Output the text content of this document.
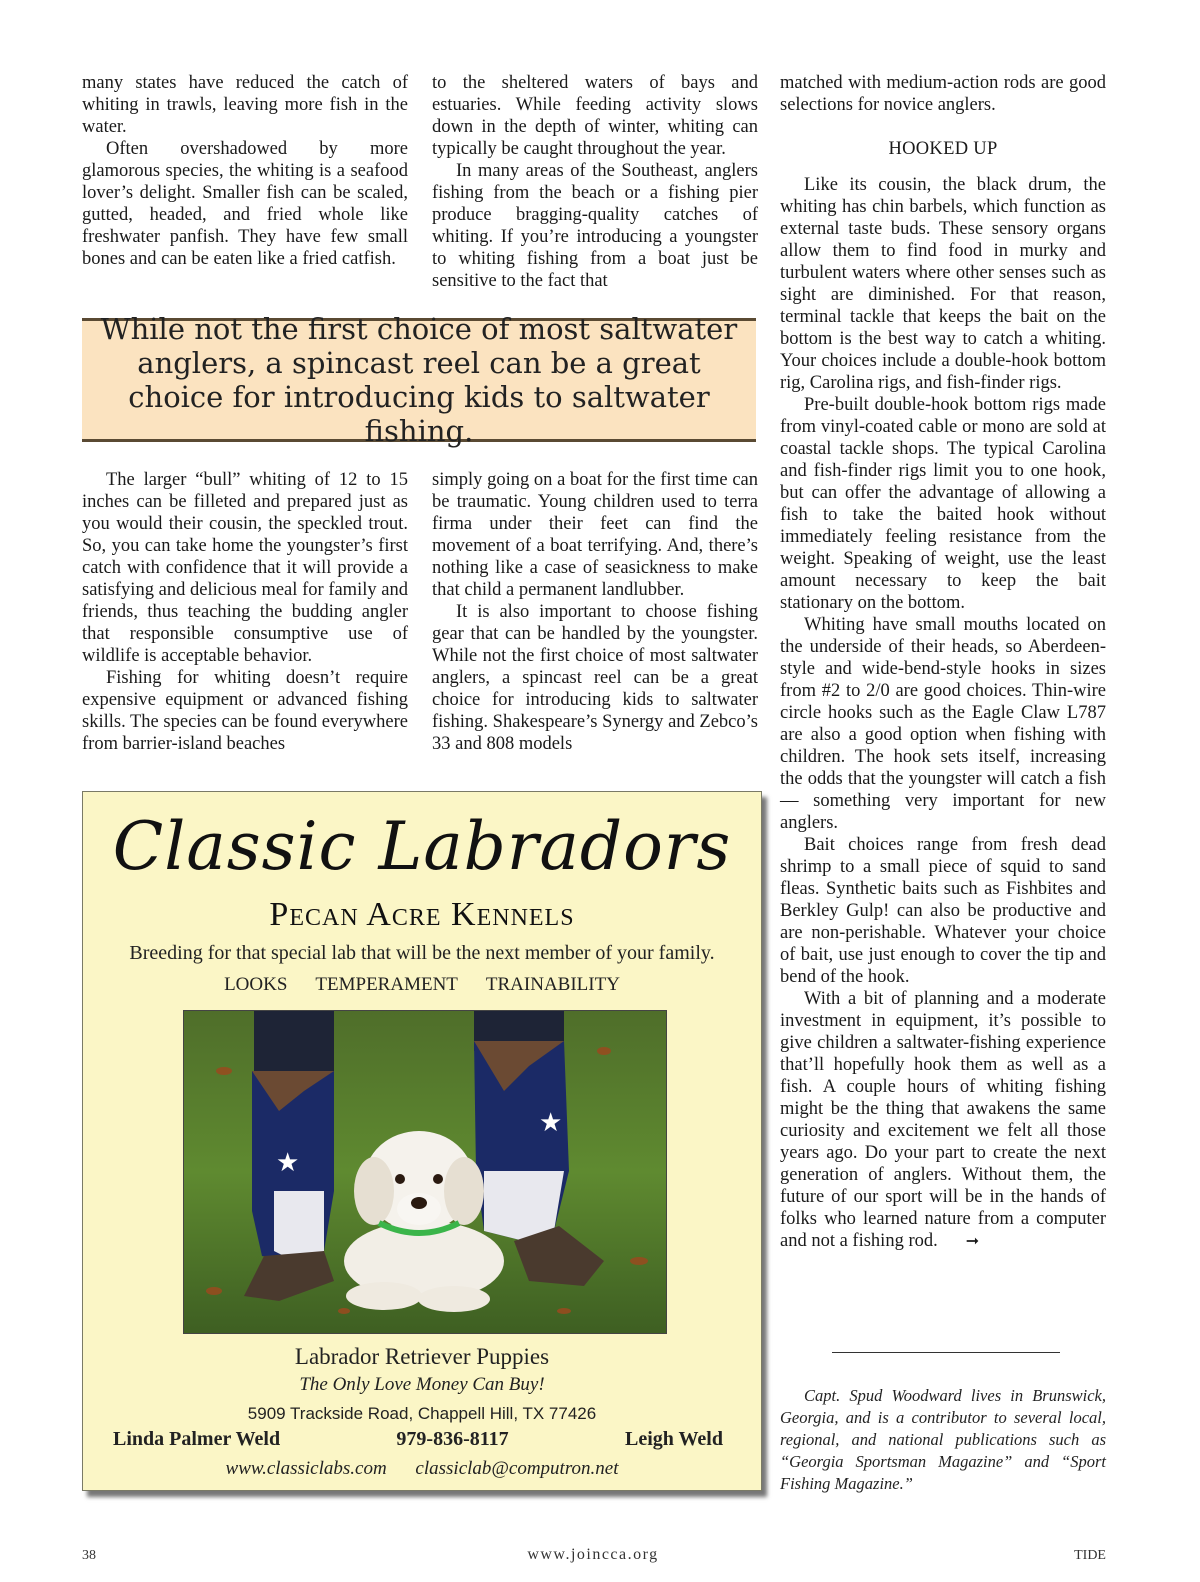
many states have reduced the catch of whiting in trawls, leaving more fish in the water.

Often overshadowed by more glamorous species, the whiting is a seafood lover’s delight. Smaller fish can be scaled, gutted, headed, and fried whole like freshwater panfish. They have few small bones and can be eaten like a fried catfish.

to the sheltered waters of bays and estuaries. While feeding activity slows down in the depth of winter, whiting can typically be caught throughout the year.

In many areas of the Southeast, anglers fishing from the beach or a fishing pier produce bragging-quality catches of whiting. If you’re introducing a youngster to whiting fishing from a boat just be sensitive to the fact that

While not the first choice of most saltwater anglers, a spincast reel can be a great choice for introducing kids to saltwater fishing.

The larger “bull” whiting of 12 to 15 inches can be filleted and prepared just as you would their cousin, the speckled trout. So, you can take home the youngster’s first catch with confidence that it will provide a satisfying and delicious meal for family and friends, thus teaching the budding angler that responsible consumptive use of wildlife is acceptable behavior.

Fishing for whiting doesn’t require expensive equipment or advanced fishing skills. The species can be found everywhere from barrier-island beaches

simply going on a boat for the first time can be traumatic. Young children used to terra firma under their feet can find the movement of a boat terrifying. And, there’s nothing like a case of seasickness to make that child a permanent landlubber.

It is also important to choose fishing gear that can be handled by the youngster. While not the first choice of most saltwater anglers, a spincast reel can be a great choice for introducing kids to saltwater fishing. Shakespeare’s Synergy and Zebco’s 33 and 808 models

matched with medium-action rods are good selections for novice anglers.

HOOKED UP

Like its cousin, the black drum, the whiting has chin barbels, which function as external taste buds. These sensory organs allow them to find food in murky and turbulent waters where other senses such as sight are diminished. For that reason, terminal tackle that keeps the bait on the bottom is the best way to catch a whiting. Your choices include a double-hook bottom rig, Carolina rigs, and fish-finder rigs.

Pre-built double-hook bottom rigs made from vinyl-coated cable or mono are sold at coastal tackle shops. The typical Carolina and fish-finder rigs limit you to one hook, but can offer the advantage of allowing a fish to take the baited hook without immediately feeling resistance from the weight. Speaking of weight, use the least amount necessary to keep the bait stationary on the bottom.

Whiting have small mouths located on the underside of their heads, so Aberdeen-style and wide-bend-style hooks in sizes from #2 to 2/0 are good choices. Thin-wire circle hooks such as the Eagle Claw L787 are also a good option when fishing with children. The hook sets itself, increasing the odds that the youngster will catch a fish — something very important for new anglers.

Bait choices range from fresh dead shrimp to a small piece of squid to sand fleas. Synthetic baits such as Fishbites and Berkley Gulp! can also be productive and are non-perishable. Whatever your choice of bait, use just enough to cover the tip and bend of the hook.

With a bit of planning and a moderate investment in equipment, it’s possible to give children a saltwater-fishing experience that’ll hopefully hook them as well as a fish. A couple hours of whiting fishing might be the thing that awakens the same curiosity and excitement we felt all those years ago. Do your part to create the next generation of anglers. Without them, the future of our sport will be in the hands of folks who learned nature from a computer and not a fishing rod. ➞

Capt. Spud Woodward lives in Brunswick, Georgia, and is a contributor to several local, regional, and national publications such as “Georgia Sportsman Magazine” and “Sport Fishing Magazine.”

Classic Labradors
Pecan Acre Kennels
Breeding for that special lab that will be the next member of your family.
LOOKS TEMPERAMENT TRAINABILITY
★
★
Labrador Retriever Puppies
The Only Love Money Can Buy!
5909 Trackside Road, Chappell Hill, TX 77426
Linda Palmer Weld	979-836-8117	Leigh Weld
www.classiclabs.com classiclab@computron.net
38	www.joincca.org	TIDE
